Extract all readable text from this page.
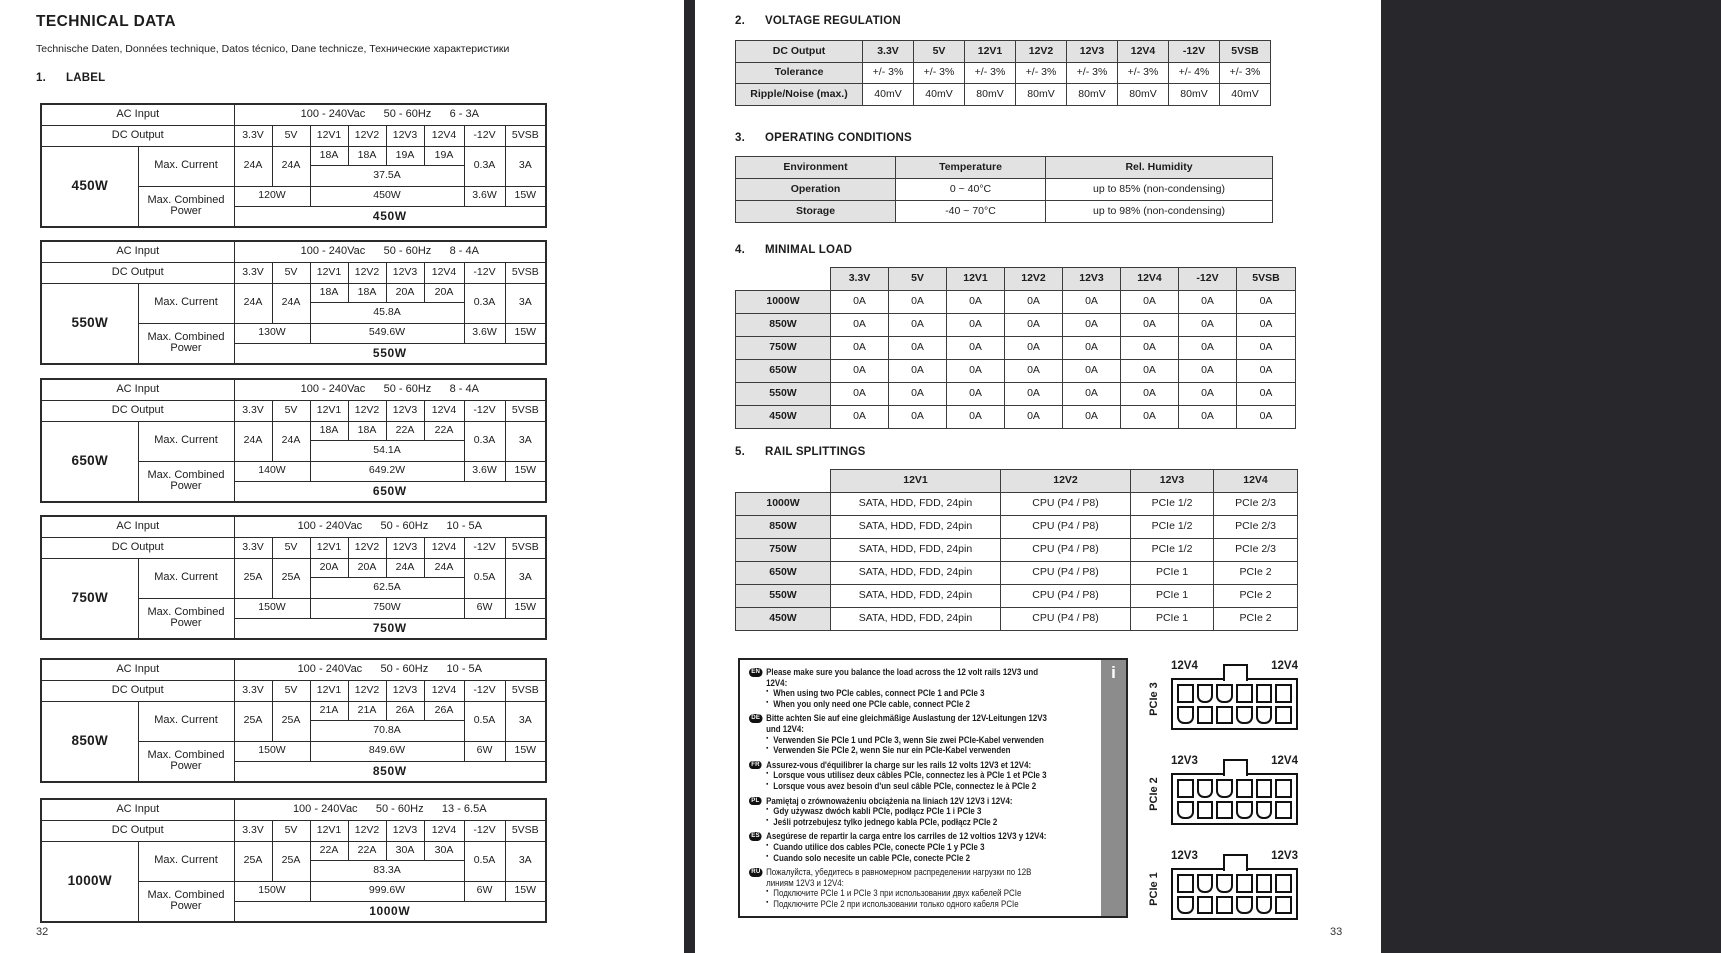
TECHNICAL DATA
Technische Daten, Données technique, Datos técnico, Dane technicze, Технические характеристики
1. LABEL
AC Input		100 - 240Vac      50 - 60Hz      6 - 3A							
DC Output		3.3V	5V	12V1	12V2	12V3	12V4	-12V	5VSB
450W	Max. Current	24A	24A	18A	18A	19A	19A	0.3A	3A
				37.5A					
	Max. Combined Power	120W		450W				3.6W	15W
		450W							
AC Input		100 - 240Vac      50 - 60Hz      8 - 4A							
DC Output		3.3V	5V	12V1	12V2	12V3	12V4	-12V	5VSB
550W	Max. Current	24A	24A	18A	18A	20A	20A	0.3A	3A
				45.8A					
	Max. Combined Power	130W		549.6W				3.6W	15W
		550W							
AC Input		100 - 240Vac      50 - 60Hz      8 - 4A							
DC Output		3.3V	5V	12V1	12V2	12V3	12V4	-12V	5VSB
650W	Max. Current	24A	24A	18A	18A	22A	22A	0.3A	3A
				54.1A					
	Max. Combined Power	140W		649.2W				3.6W	15W
		650W							
AC Input		100 - 240Vac      50 - 60Hz      10 - 5A							
DC Output		3.3V	5V	12V1	12V2	12V3	12V4	-12V	5VSB
750W	Max. Current	25A	25A	20A	20A	24A	24A	0.5A	3A
				62.5A					
	Max. Combined Power	150W		750W				6W	15W
		750W							
AC Input		100 - 240Vac      50 - 60Hz      10 - 5A							
DC Output		3.3V	5V	12V1	12V2	12V3	12V4	-12V	5VSB
850W	Max. Current	25A	25A	21A	21A	26A	26A	0.5A	3A
				70.8A					
	Max. Combined Power	150W		849.6W				6W	15W
		850W							
AC Input		100 - 240Vac      50 - 60Hz      13 - 6.5A							
DC Output		3.3V	5V	12V1	12V2	12V3	12V4	-12V	5VSB
1000W	Max. Current	25A	25A	22A	22A	30A	30A	0.5A	3A
				83.3A					
	Max. Combined Power	150W		999.6W				6W	15W
		1000W							
32
2. VOLTAGE REGULATION
3. OPERATING CONDITIONS
4. MINIMAL LOAD
5. RAIL SPLITTINGS
EN Please make sure you balance the load across the 12 volt rails 12V3 und 12V4:
▪ When using two PCIe cables, connect PCIe 1 and PCIe 3
▪ When you only need one PCIe cable, connect PCIe 2
DE Bitte achten Sie auf eine gleichmäßige Auslastung der 12V-Leitungen 12V3 und 12V4:
▪ Verwenden Sie PCIe 1 und PCIe 3, wenn Sie zwei PCIe-Kabel verwenden
▪ Verwenden Sie PCIe 2, wenn Sie nur ein PCIe-Kabel verwenden
FR Assurez-vous d'équilibrer la charge sur les rails 12 volts 12V3 et 12V4:
▪ Lorsque vous utilisez deux câbles PCIe, connectez les à PCIe 1 et PCIe 3
▪ Lorsque vous avez besoin d'un seul câble PCIe, connectez le à PCIe 2
PL Pamiętaj o zrównoważeniu obciążenia na liniach 12V 12V3 i 12V4:
▪ Gdy używasz dwóch kabli PCIe, podłącz PCIe 1 i PCIe 3
▪ Jeśli potrzebujesz tylko jednego kabla PCIe, podłącz PCIe 2
ES Asegúrese de repartir la carga entre los carriles de 12 voltios 12V3 y 12V4:
▪ Cuando utilice dos cables PCIe, conecte PCIe 1 y PCIe 3
▪ Cuando solo necesite un cable PCIe, conecte PCIe 2
RU Пожалуйста, убедитесь в равномерном распределении нагрузки по 12В линиям 12V3 и 12V4:
▪ Подключите PCIe 1 и PCIe 3 при использовании двух кабелей PCIe
▪ Подключите PCIe 2 при использовании только одного кабеля PCIe
i
PCIe 3
12V4	12V4
PCIe 2
12V3	12V4
PCIe 1
12V3	12V3
33
DC Output	3.3V	5V	12V1	12V2	12V3	12V4	-12V	5VSB
Tolerance	+/- 3%	+/- 3%	+/- 3%	+/- 3%	+/- 3%	+/- 3%	+/- 4%	+/- 3%
Ripple/Noise (max.)	40mV	40mV	80mV	80mV	80mV	80mV	80mV	40mV
Environment	Temperature	Rel. Humidity
Operation	0 ~ 40°C	up to 85% (non-condensing)
Storage	-40 ~ 70°C	up to 98% (non-condensing)
	3.3V	5V	12V1	12V2	12V3	12V4	-12V	5VSB
1000W	0A	0A	0A	0A	0A	0A	0A	0A
850W	0A	0A	0A	0A	0A	0A	0A	0A
750W	0A	0A	0A	0A	0A	0A	0A	0A
650W	0A	0A	0A	0A	0A	0A	0A	0A
550W	0A	0A	0A	0A	0A	0A	0A	0A
450W	0A	0A	0A	0A	0A	0A	0A	0A
	12V1	12V2	12V3	12V4
1000W	SATA, HDD, FDD, 24pin	CPU (P4 / P8)	PCIe 1/2	PCIe 2/3
850W	SATA, HDD, FDD, 24pin	CPU (P4 / P8)	PCIe 1/2	PCIe 2/3
750W	SATA, HDD, FDD, 24pin	CPU (P4 / P8)	PCIe 1/2	PCIe 2/3
650W	SATA, HDD, FDD, 24pin	CPU (P4 / P8)	PCIe 1	PCIe 2
550W	SATA, HDD, FDD, 24pin	CPU (P4 / P8)	PCIe 1	PCIe 2
450W	SATA, HDD, FDD, 24pin	CPU (P4 / P8)	PCIe 1	PCIe 2
